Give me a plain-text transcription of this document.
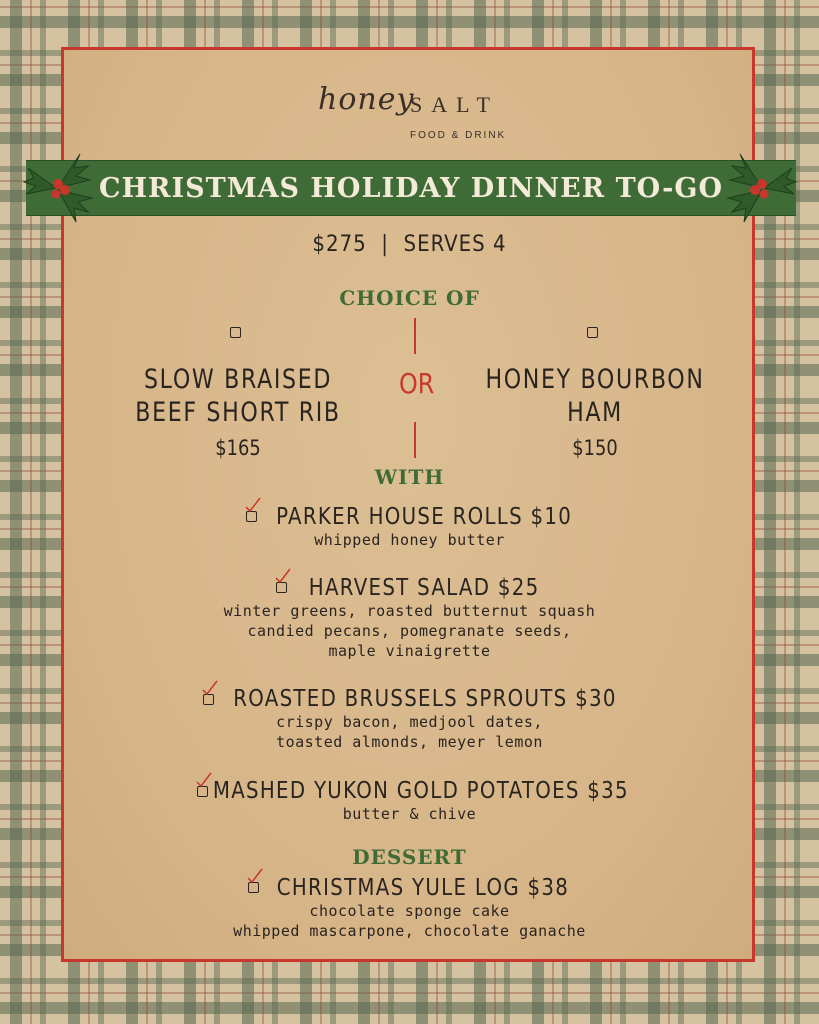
honey
SALT
FOOD & DRINK
CHRISTMAS HOLIDAY DINNER TO-GO
$275  |  SERVES 4
CHOICE OF
SLOW BRAISED
BEEF SHORT RIB
$165
HONEY BOURBON
HAM
$150
OR
WITH
PARKER HOUSE ROLLS $10
whipped honey butter
HARVEST SALAD $25
winter greens, roasted butternut squash
candied pecans, pomegranate seeds,
maple vinaigrette
ROASTED BRUSSELS SPROUTS $30
crispy bacon, medjool dates,
toasted almonds, meyer lemon
MASHED YUKON GOLD POTATOES $35
butter & chive
DESSERT
CHRISTMAS YULE LOG $38
chocolate sponge cake
whipped mascarpone, chocolate ganache
